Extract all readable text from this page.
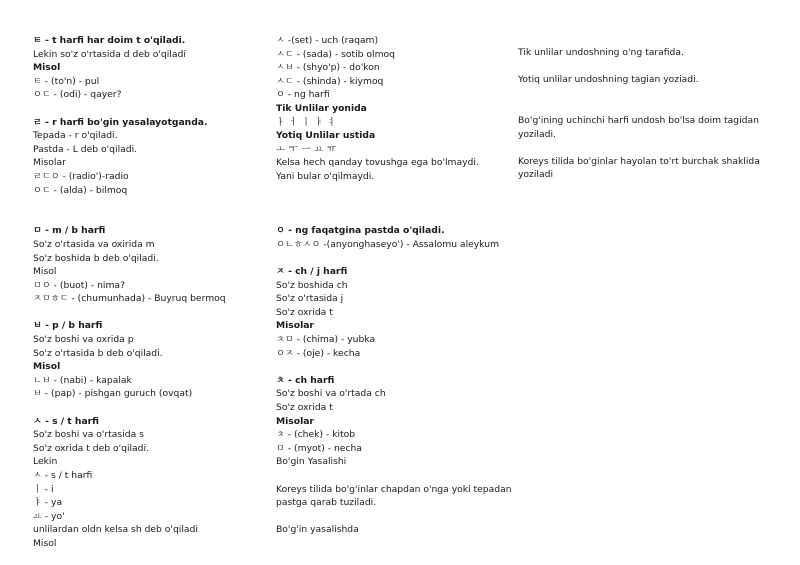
ㅌ - t harfi har doim t o'qiladi.
Lekin so'z o'rtasida d deb o'qiladi
Misol
ㅌ - (to'n) - pul
ㅇㄷ - (odi) - qayer?
ㄹ - r harfi bo'gin yasalayotganda.
Tepada - r o'qiladi.
Pastda - L deb o'qiladi.
Misolar
ㄹㄷㅇ - (radio')-radio
ㅇㄷ - (alda) - bilmoq
ㅁ - m / b harfi
So'z o'rtasida va oxirida m
So'z boshida b deb o'qiladi.
Misol
ㅁㅇ - (buot) - nima?
ㅈㅁㅎㄷ - (chumunhada) - Buyruq bermoq
ㅂ - p / b harfi
So'z boshi va oxrida p
So'z o'rtasida b deb o'qiladi.
Misol
ㄴㅂ - (nabi) - kapalak
ㅂ - (pap) - pishgan guruch (ovqat)
ㅅ - s / t harfi
So'z boshi va o'rtasida s
So'z oxrida t deb o'qiladi.
Lekin
ㅅ - s / t harfi
ㅣ - i
ㅑ - ya
ㅛ - yo'
unlilardan oldn kelsa sh deb o'qiladi
Misol
ㅅ -(set) - uch (raqam)
ㅅㄷ - (sada) - sotib olmoq
ㅅㅂ - (shyo'p) - do'kon
ㅅㄷ - (shinda) - kiymoq
ㅇ - ng harfi
Tik Unlilar yonida
ㅏ ㅓ ㅣ ㅑ ㅕ
Yotiq Unlilar ustida
ㅗ ㅜ ㅡ ㅛ ㅠ
Kelsa hech qanday tovushga ega bo'lmaydi.
Yani bular o'qilmaydi.
ㅇ - ng faqatgina pastda o'qiladi.
ㅇㄴㅎㅅㅇ -(anyonghaseyo') - Assalomu aleykum
ㅈ - ch / j harfi
So'z boshida ch
So'z o'rtasida j
So'z oxrida t
Misolar
ㅊㅁ - (chima) - yubka
ㅇㅈ - (oje) - kecha
ㅊ - ch harfi
So'z boshi va o'rtada ch
So'z oxrida t
Misolar
ㅊ - (chek) - kitob
ㅁ - (myot) - necha
Bo'gin Yasalishi
Koreys tilida bo'g'inlar chapdan o'nga yoki tepadan
pastga qarab tuziladi.
Bo'g'in yasalishda
Tik unlilar undoshning o'ng tarafida.
Yotiq unlilar undoshning tagian yoziadi.
Bo'g'ining uchinchi harfi undosh bo'lsa doim tagidan
yoziladi.
Koreys tilida bo'ginlar hayolan to'rt burchak shaklida
yoziladi
